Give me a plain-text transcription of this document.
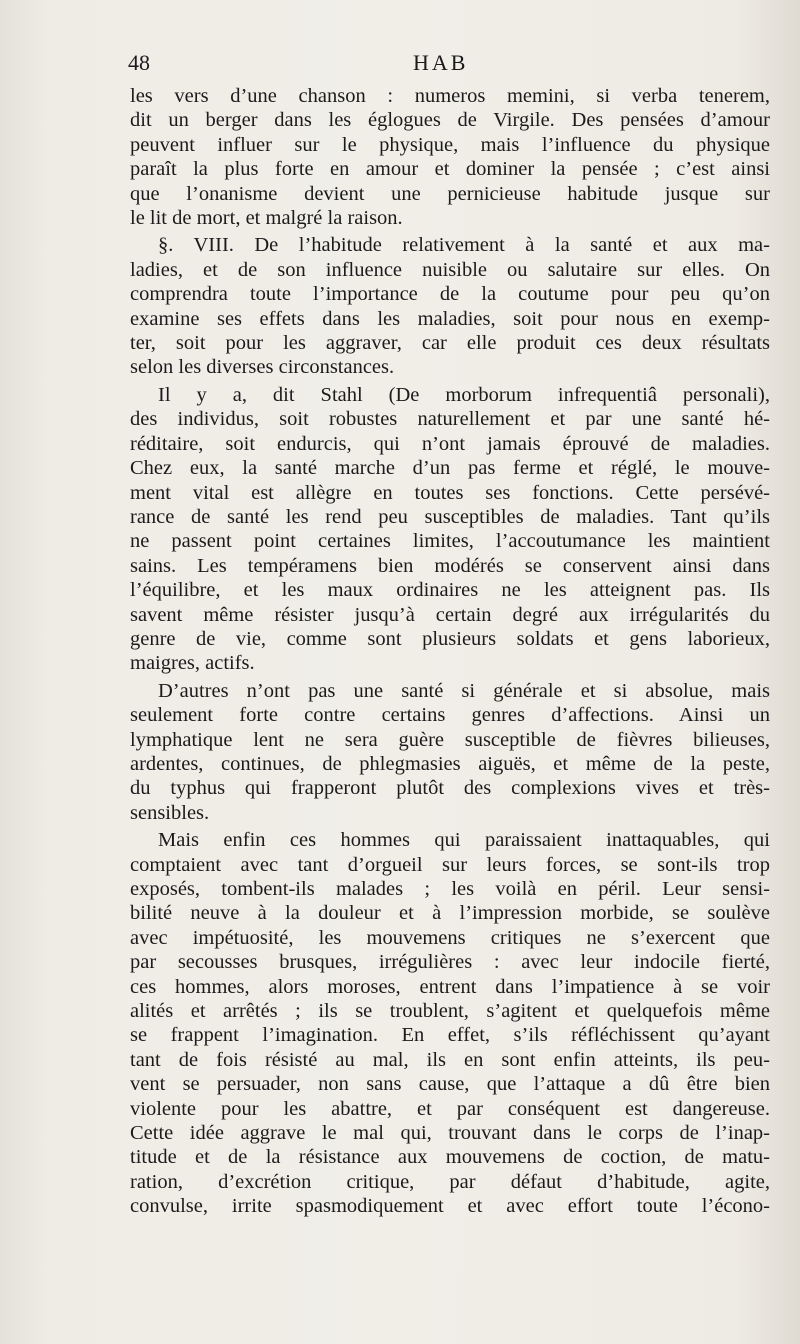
48	HAB

les vers d’une chanson : numeros memini, si verba tenerem,
dit un berger dans les églogues de Virgile. Des pensées d’amour
peuvent influer sur le physique, mais l’influence du physique
paraît la plus forte en amour et dominer la pensée ; c’est ainsi
que l’onanisme devient une pernicieuse habitude jusque sur
le lit de mort, et malgré la raison.

§. VIII. De l’habitude relativement à la santé et aux ma-
ladies, et de son influence nuisible ou salutaire sur elles. On
comprendra toute l’importance de la coutume pour peu qu’on
examine ses effets dans les maladies, soit pour nous en exemp-
ter, soit pour les aggraver, car elle produit ces deux résultats
selon les diverses circonstances.

Il y a, dit Stahl (De morborum infrequentiâ personali),
des individus, soit robustes naturellement et par une santé hé-
réditaire, soit endurcis, qui n’ont jamais éprouvé de maladies.
Chez eux, la santé marche d’un pas ferme et réglé, le mouve-
ment vital est allègre en toutes ses fonctions. Cette persévé-
rance de santé les rend peu susceptibles de maladies. Tant qu’ils
ne passent point certaines limites, l’accoutumance les maintient
sains. Les tempéramens bien modérés se conservent ainsi dans
l’équilibre, et les maux ordinaires ne les atteignent pas. Ils
savent même résister jusqu’à certain degré aux irrégularités du
genre de vie, comme sont plusieurs soldats et gens laborieux,
maigres, actifs.

D’autres n’ont pas une santé si générale et si absolue, mais
seulement forte contre certains genres d’affections. Ainsi un
lymphatique lent ne sera guère susceptible de fièvres bilieuses,
ardentes, continues, de phlegmasies aiguës, et même de la peste,
du typhus qui frapperont plutôt des complexions vives et très-
sensibles.

Mais enfin ces hommes qui paraissaient inattaquables, qui
comptaient avec tant d’orgueil sur leurs forces, se sont-ils trop
exposés, tombent-ils malades ; les voilà en péril. Leur sensi-
bilité neuve à la douleur et à l’impression morbide, se soulève
avec impétuosité, les mouvemens critiques ne s’exercent que
par secousses brusques, irrégulières : avec leur indocile fierté,
ces hommes, alors moroses, entrent dans l’impatience à se voir
alités et arrêtés ; ils se troublent, s’agitent et quelquefois même
se frappent l’imagination. En effet, s’ils réfléchissent qu’ayant
tant de fois résisté au mal, ils en sont enfin atteints, ils peu-
vent se persuader, non sans cause, que l’attaque a dû être bien
violente pour les abattre, et par conséquent est dangereuse.
Cette idée aggrave le mal qui, trouvant dans le corps de l’inap-
titude et de la résistance aux mouvemens de coction, de matu-
ration, d’excrétion critique, par défaut d’habitude, agite,
convulse, irrite spasmodiquement et avec effort toute l’écono-
